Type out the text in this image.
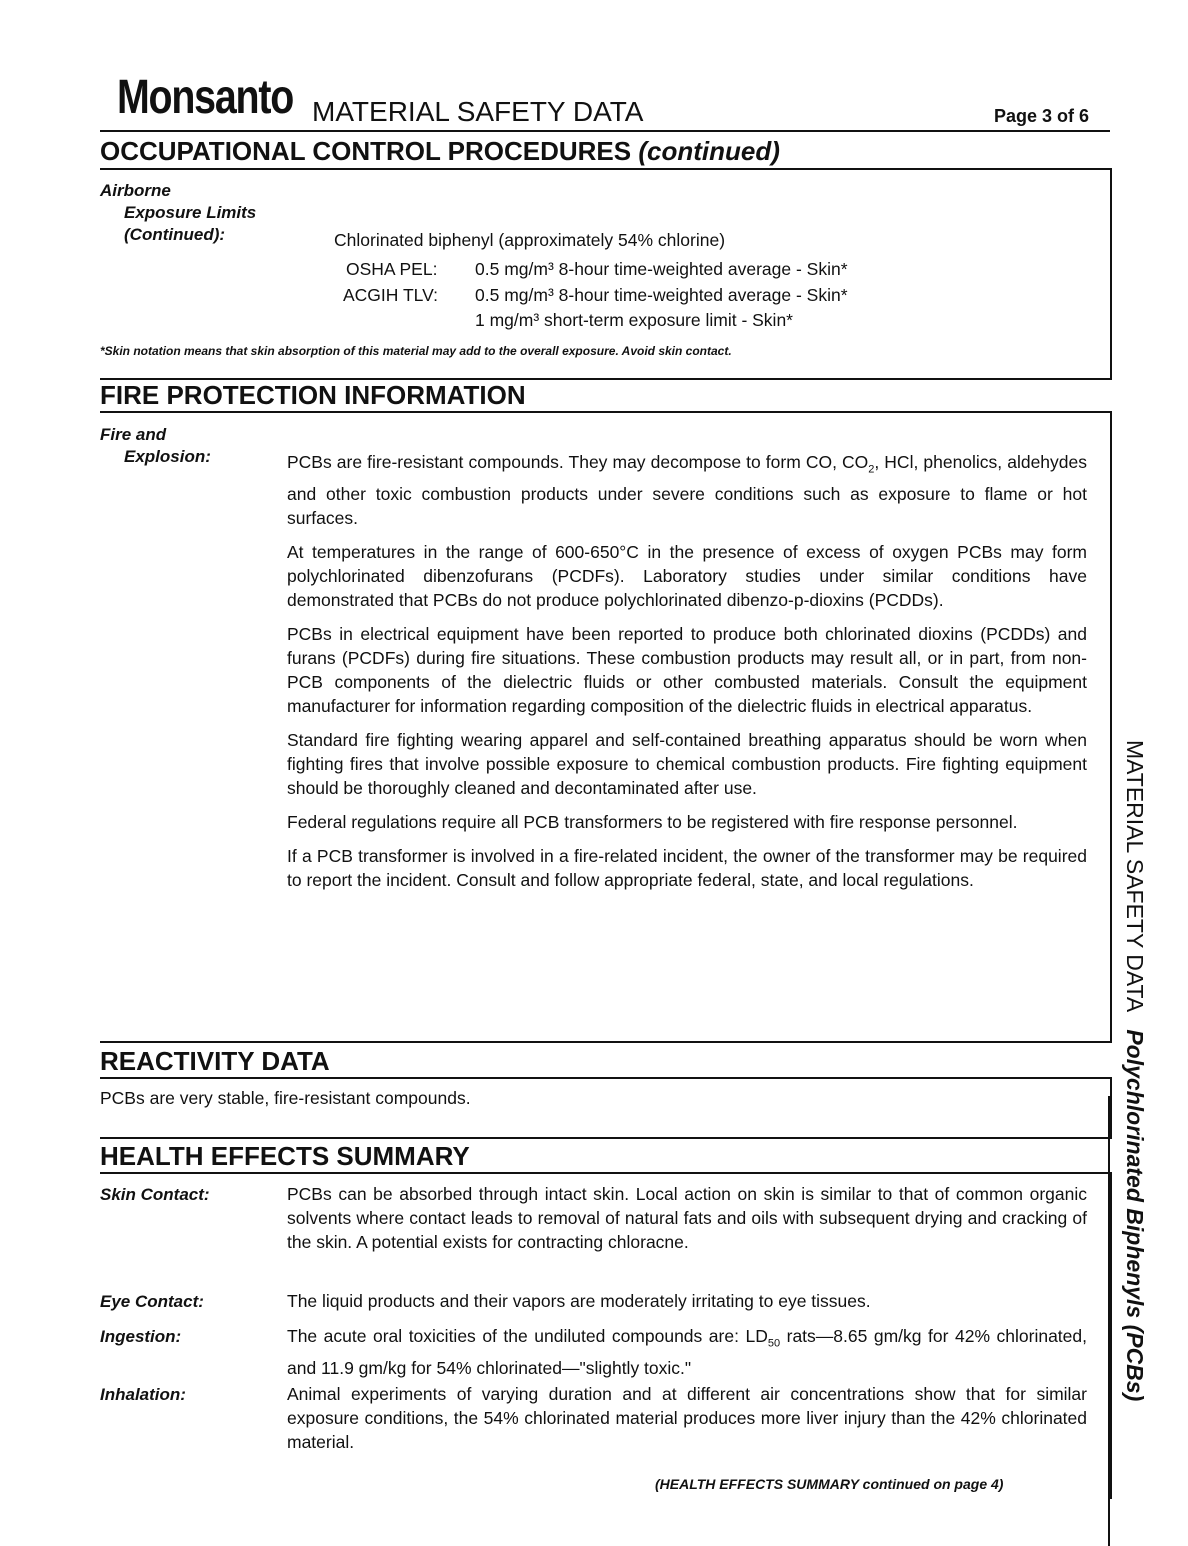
Monsanto MATERIAL SAFETY DATA	Page 3 of 6
OCCUPATIONAL CONTROL PROCEDURES (continued)
Airborne
Exposure Limits
(Continued):	Chlorinated biphenyl (approximately 54% chlorine)
OSHA PEL: 0.5 mg/m³ 8-hour time-weighted average - Skin*
ACGIH TLV: 0.5 mg/m³ 8-hour time-weighted average - Skin*
1 mg/m³ short-term exposure limit - Skin*
*Skin notation means that skin absorption of this material may add to the overall exposure. Avoid skin contact.
FIRE PROTECTION INFORMATION
Fire and
Explosion:	PCBs are fire-resistant compounds. They may decompose to form CO, $CO_2$, HCl, phenolics, aldehydes and other toxic combustion products under severe conditions such as exposure to flame or hot surfaces.

At temperatures in the range of 600-650°C in the presence of excess of oxygen PCBs may form polychlorinated dibenzofurans (PCDFs). Laboratory studies under similar conditions have demonstrated that PCBs do not produce polychlorinated dibenzo-p-dioxins (PCDDs).

PCBs in electrical equipment have been reported to produce both chlorinated dioxins (PCDDs) and furans (PCDFs) during fire situations. These combustion products may result all, or in part, from non-PCB components of the dielectric fluids or other combusted materials. Consult the equipment manufacturer for information regarding composition of the dielectric fluids in electrical apparatus.

Standard fire fighting wearing apparel and self-contained breathing apparatus should be worn when fighting fires that involve possible exposure to chemical combustion products. Fire fighting equipment should be thoroughly cleaned and decontaminated after use.

Federal regulations require all PCB transformers to be registered with fire response personnel.

If a PCB transformer is involved in a fire-related incident, the owner of the transformer may be required to report the incident. Consult and follow appropriate federal, state, and local regulations.

REACTIVITY DATA
PCBs are very stable, fire-resistant compounds.
HEALTH EFFECTS SUMMARY
Skin Contact:	PCBs can be absorbed through intact skin. Local action on skin is similar to that of common organic solvents where contact leads to removal of natural fats and oils with subsequent drying and cracking of the skin. A potential exists for contracting chloracne.
Eye Contact:	The liquid products and their vapors are moderately irritating to eye tissues.
Ingestion:	The acute oral toxicities of the undiluted compounds are: $LD_{50}$ rats—8.65 gm/kg for 42% chlorinated, and 11.9 gm/kg for 54% chlorinated—"slightly toxic."
Inhalation:	Animal experiments of varying duration and at different air concentrations show that for similar exposure conditions, the 54% chlorinated material produces more liver injury than the 42% chlorinated material.
(HEALTH EFFECTS SUMMARY continued on page 4)
MATERIAL SAFETY DATA Polychlorinated Biphenyls (PCBs)
